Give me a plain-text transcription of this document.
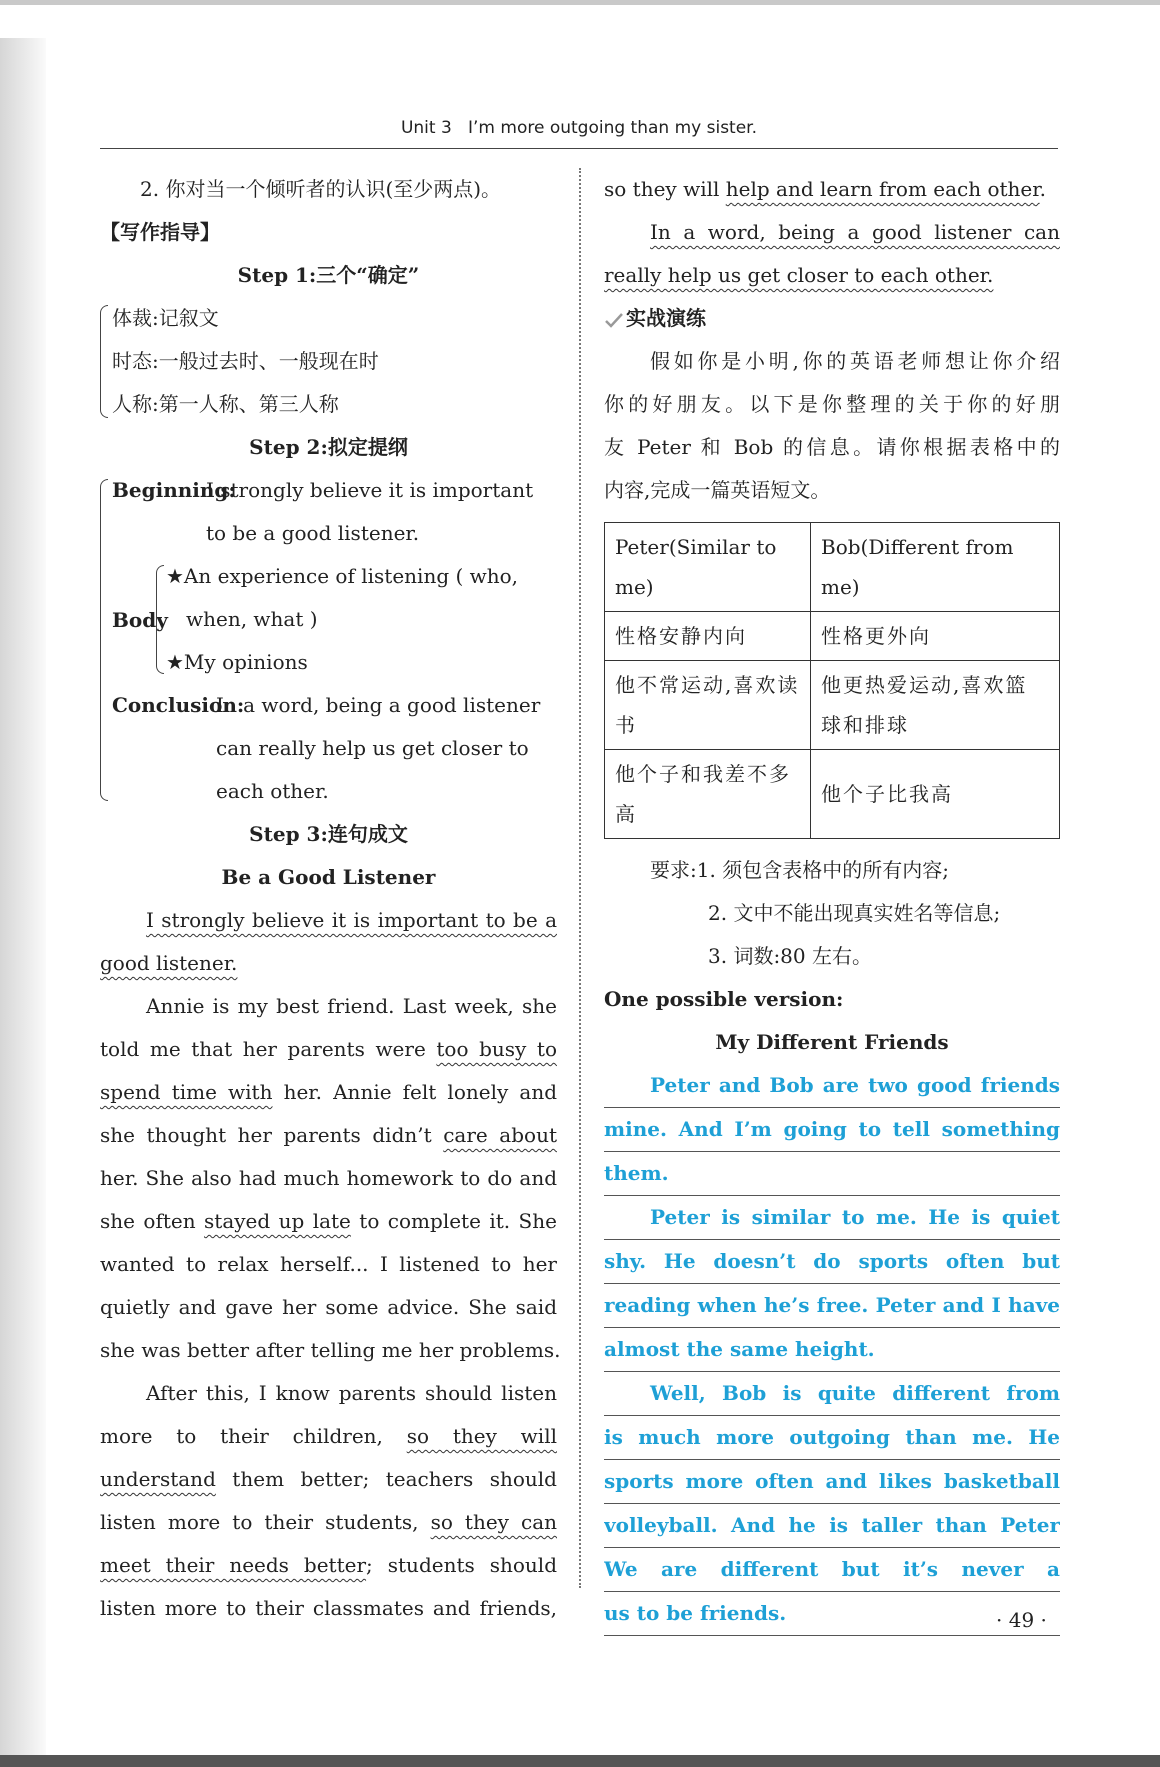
Unit 3 I’m more outgoing than my sister.
2. 你对当一个倾听者的认识(至少两点)。
【写作指导】
Step 1:三个“确定”
体裁:记叙文
时态:一般过去时、一般现在时
人称:第一人称、第三人称
Step 2:拟定提纲
Beginning:I strongly believe it is important
to be a good listener.
Body
★An experience of listening ( who,
when, what )
★My opinions
Conclusion:In a word, being a good listener
can really help us get closer to
each other.
Step 3:连句成文
Be a Good Listener
I strongly believe it is important to be a
good listener.
Annie is my best friend. Last week, she
told me that her parents were too busy to
spend time with her. Annie felt lonely and
she thought her parents didn’t care about
her. She also had much homework to do and
she often stayed up late to complete it. She
wanted to relax herself... I listened to her
quietly and gave her some advice. She said
she was better after telling me her problems.
After this, I know parents should listen
more to their children, so they will
understand them better; teachers should
listen more to their students, so they can
meet their needs better; students should
listen more to their classmates and friends,
so they will help and learn from each other.
In a word, being a good listener can
really help us get closer to each other.
实战演练
假如你是小明,你的英语老师想让你介绍
你的好朋友。以下是你整理的关于你的好朋
友 Peter 和 Bob 的信息。请你根据表格中的
内容,完成一篇英语短文。
Peter(Similar to me)	Bob(Different from me)
性格安静内向	性格更外向
他不常运动,喜欢读书	他更热爱运动,喜欢篮球和排球
他个子和我差不多高	他个子比我高
要求:1. 须包含表格中的所有内容;
2. 文中不能出现真实姓名等信息;
3. 词数:80 左右。
One possible version:
My Different Friends
Peter and Bob are two good friends
mine. And I’m going to tell something
them.
Peter is similar to me. He is quiet
shy. He doesn’t do sports often but
reading when he’s free. Peter and I have
almost the same height.
Well, Bob is quite different from
is much more outgoing than me. He
sports more often and likes basketball
volleyball. And he is taller than Peter
We are different but it’s never a
us to be friends.	· 49 ·
